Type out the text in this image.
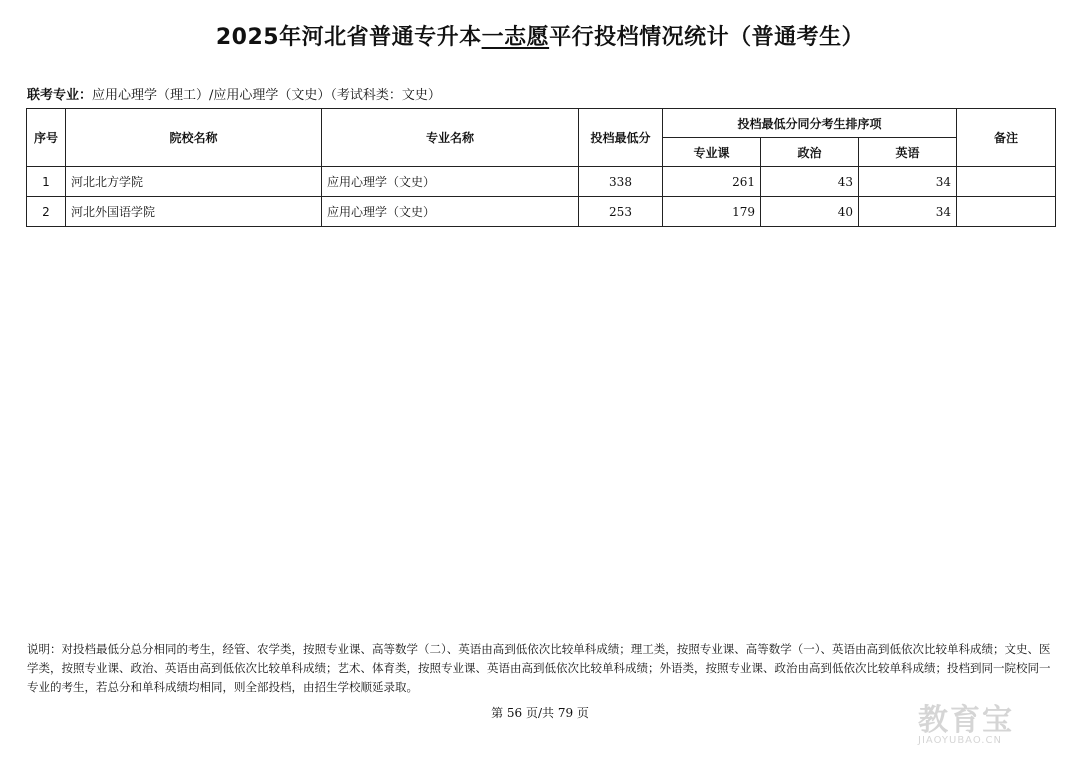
2025年河北省普通专升本一志愿平行投档情况统计（普通考生）
联考专业：应用心理学（理工）/应用心理学（文史）（考试科类：文史）
序号	院校名称	专业名称	投档最低分	投档最低分同分考生排序项			备注
				专业课	政治	英语	
1	河北北方学院	应用心理学（文史）	338	261	43	34	
2	河北外国语学院	应用心理学（文史）	253	179	40	34	
说明：对投档最低分总分相同的考生，经管、农学类，按照专业课、高等数学（二）、英语由高到低依次比较单科成绩；理工类，按照专业课、高等数学（一）、英语由高到低依次比较单科成绩；文史、医学类，按照专业课、政治、英语由高到低依次比较单科成绩；艺术、体育类，按照专业课、英语由高到低依次比较单科成绩；外语类，按照专业课、政治由高到低依次比较单科成绩；投档到同一院校同一专业的考生，若总分和单科成绩均相同，则全部投档，由招生学校顺延录取。
第 56 页/共 79 页	教育宝
JIAOYUBAO.CN
